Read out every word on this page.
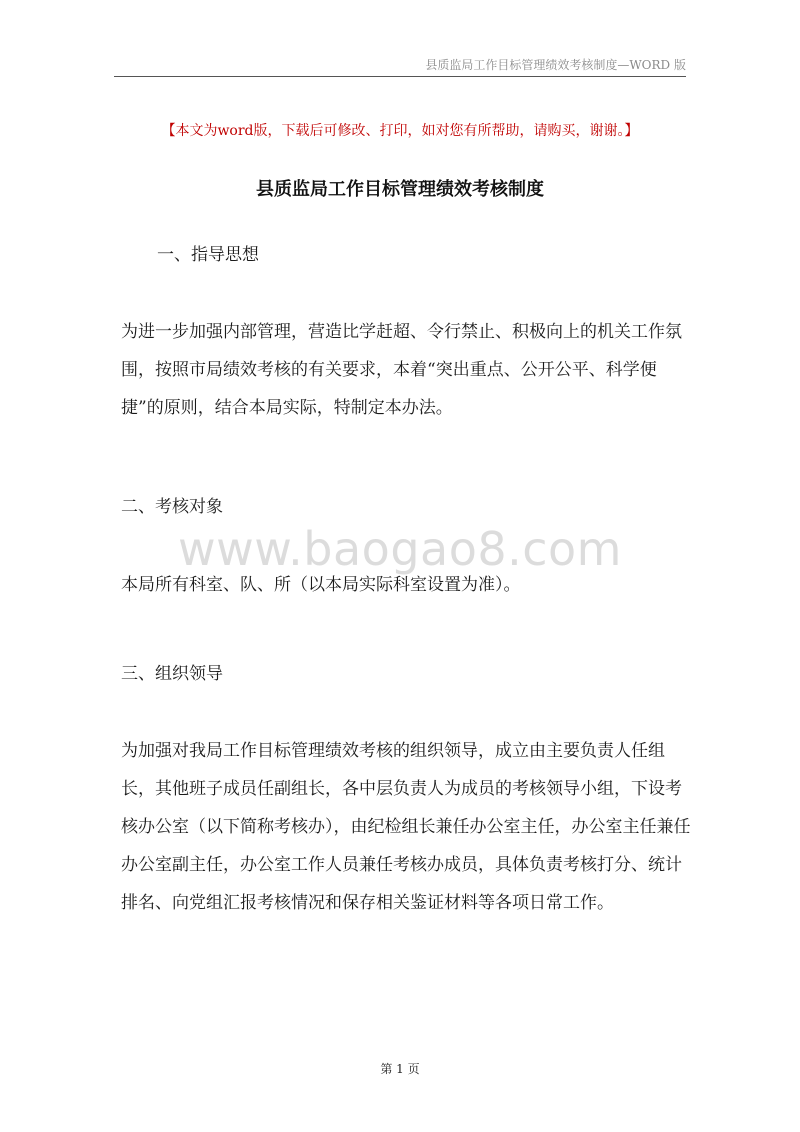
县质监局工作目标管理绩效考核制度—WORD 版
【本文为word版，下载后可修改、打印，如对您有所帮助，请购买，谢谢。】
县质监局工作目标管理绩效考核制度
一、指导思想

为进一步加强内部管理，营造比学赶超、令行禁止、积极向上的机关工作氛围，按照市局绩效考核的有关要求，本着“突出重点、公开公平、科学便捷”的原则，结合本局实际，特制定本办法。

二、考核对象
www.baogao8.com

本局所有科室、队、所（以本局实际科室设置为准）。

三、组织领导

为加强对我局工作目标管理绩效考核的组织领导，成立由主要负责人任组长，其他班子成员任副组长，各中层负责人为成员的考核领导小组，下设考核办公室（以下简称考核办），由纪检组长兼任办公室主任，办公室主任兼任办公室副主任，办公室工作人员兼任考核办成员，具体负责考核打分、统计排名、向党组汇报考核情况和保存相关鉴证材料等各项日常工作。

第 1 页
